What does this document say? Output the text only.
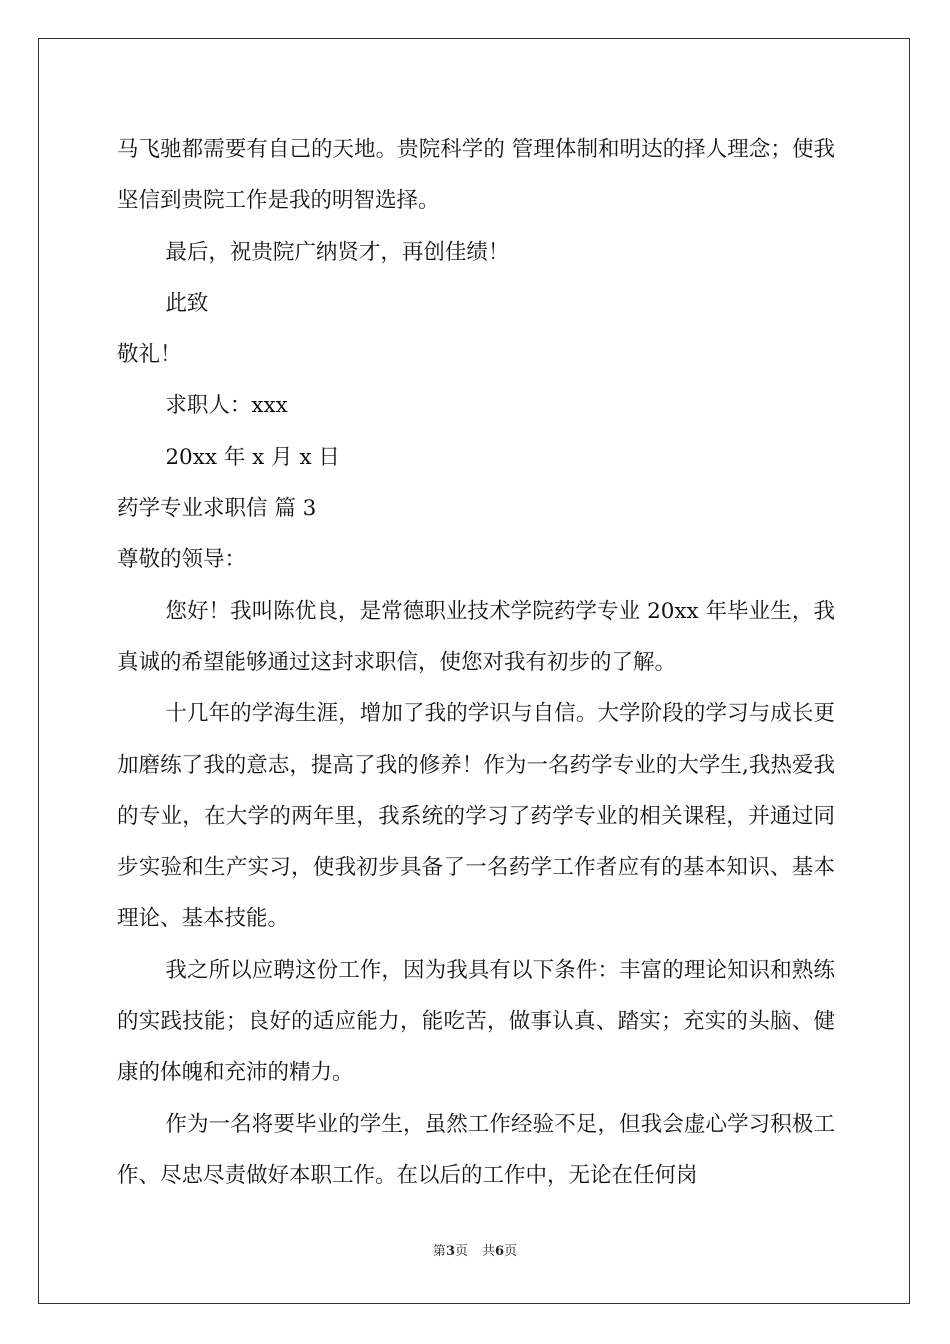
马飞驰都需要有自己的天地。贵院科学的 管理体制和明达的择人理念；使我坚信到贵院工作是我的明智选择。

最后，祝贵院广纳贤才，再创佳绩！

此致

敬礼！

求职人：xxx

20xx 年 x 月 x 日

药学专业求职信 篇 3

尊敬的领导：

您好！我叫陈优良，是常德职业技术学院药学专业 20xx 年毕业生，我真诚的希望能够通过这封求职信，使您对我有初步的了解。

十几年的学海生涯，增加了我的学识与自信。大学阶段的学习与成长更加磨练了我的意志，提高了我的修养！作为一名药学专业的大学生,我热爱我的专业，在大学的两年里，我系统的学习了药学专业的相关课程，并通过同步实验和生产实习，使我初步具备了一名药学工作者应有的基本知识、基本理论、基本技能。

我之所以应聘这份工作，因为我具有以下条件：丰富的理论知识和熟练的实践技能；良好的适应能力，能吃苦，做事认真、踏实；充实的头脑、健康的体魄和充沛的精力。

作为一名将要毕业的学生，虽然工作经验不足，但我会虚心学习积极工作、尽忠尽责做好本职工作。在以后的工作中，无论在任何岗

第3页 共6页
